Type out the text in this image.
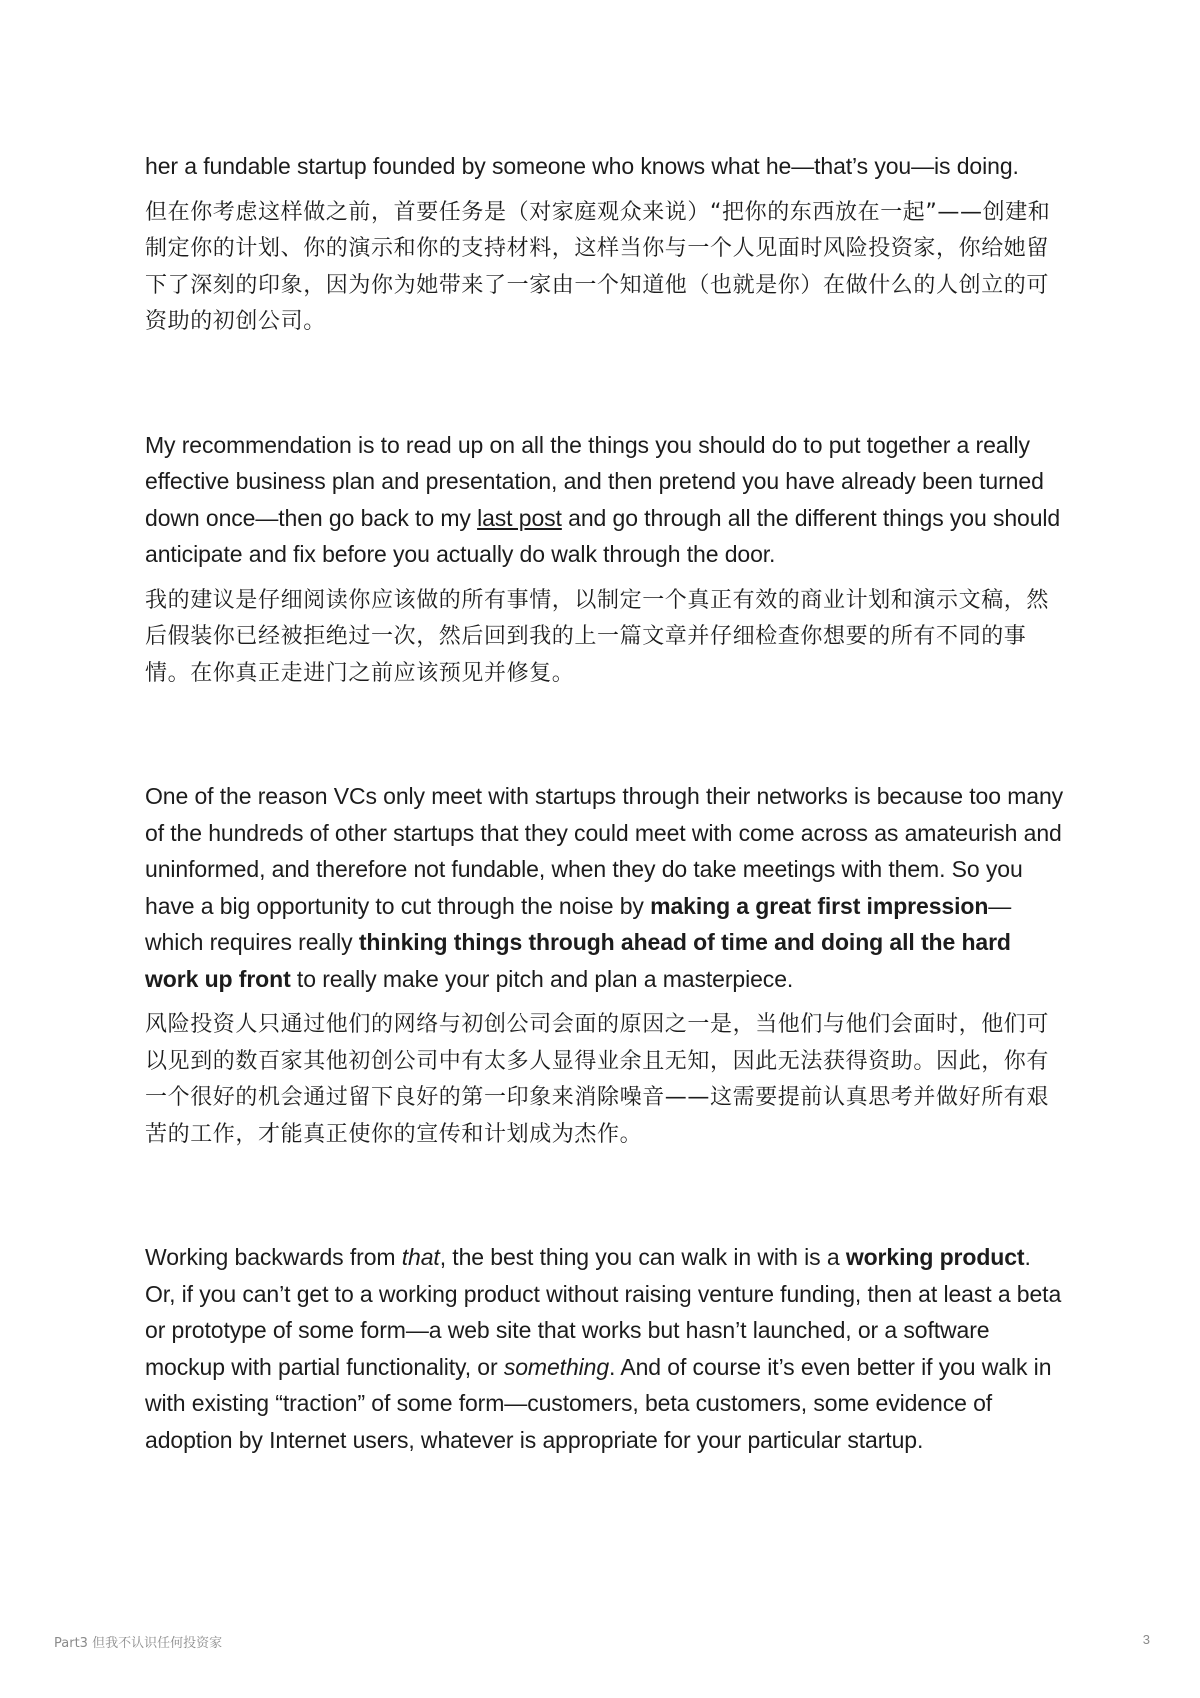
her a fundable startup founded by someone who knows what he—that’s you—is doing.

但在你考虑这样做之前，首要任务是（对家庭观众来说）“把你的东西放在一起”——创建和制定你的计划、你的演示和你的支持材料，这样当你与一个人见面时风险投资家，你给她留下了深刻的印象，因为你为她带来了一家由一个知道他（也就是你）在做什么的人创立的可资助的初创公司。

My recommendation is to read up on all the things you should do to put together a really effective business plan and presentation, and then pretend you have already been turned down once—then go back to my last post and go through all the different things you should anticipate and fix before you actually do walk through the door.

我的建议是仔细阅读你应该做的所有事情，以制定一个真正有效的商业计划和演示文稿，然后假装你已经被拒绝过一次，然后回到我的上一篇文章并仔细检查你想要的所有不同的事情。在你真正走进门之前应该预见并修复。

One of the reason VCs only meet with startups through their networks is because too many of the hundreds of other startups that they could meet with come across as amateurish and uninformed, and therefore not fundable, when they do take meetings with them. So you have a big opportunity to cut through the noise by making a great first impression—which requires really thinking things through ahead of time and doing all the hard work up front to really make your pitch and plan a masterpiece.

风险投资人只通过他们的网络与初创公司会面的原因之一是，当他们与他们会面时，他们可以见到的数百家其他初创公司中有太多人显得业余且无知，因此无法获得资助。因此，你有一个很好的机会通过留下良好的第一印象来消除噪音——这需要提前认真思考并做好所有艰苦的工作，才能真正使你的宣传和计划成为杰作。

Working backwards from that, the best thing you can walk in with is a working product. Or, if you can’t get to a working product without raising venture funding, then at least a beta or prototype of some form—a web site that works but hasn’t launched, or a software mockup with partial functionality, or something. And of course it’s even better if you walk in with existing “traction” of some form—customers, beta customers, some evidence of adoption by Internet users, whatever is appropriate for your particular startup.

Part3 但我不认识任何投资家	3
